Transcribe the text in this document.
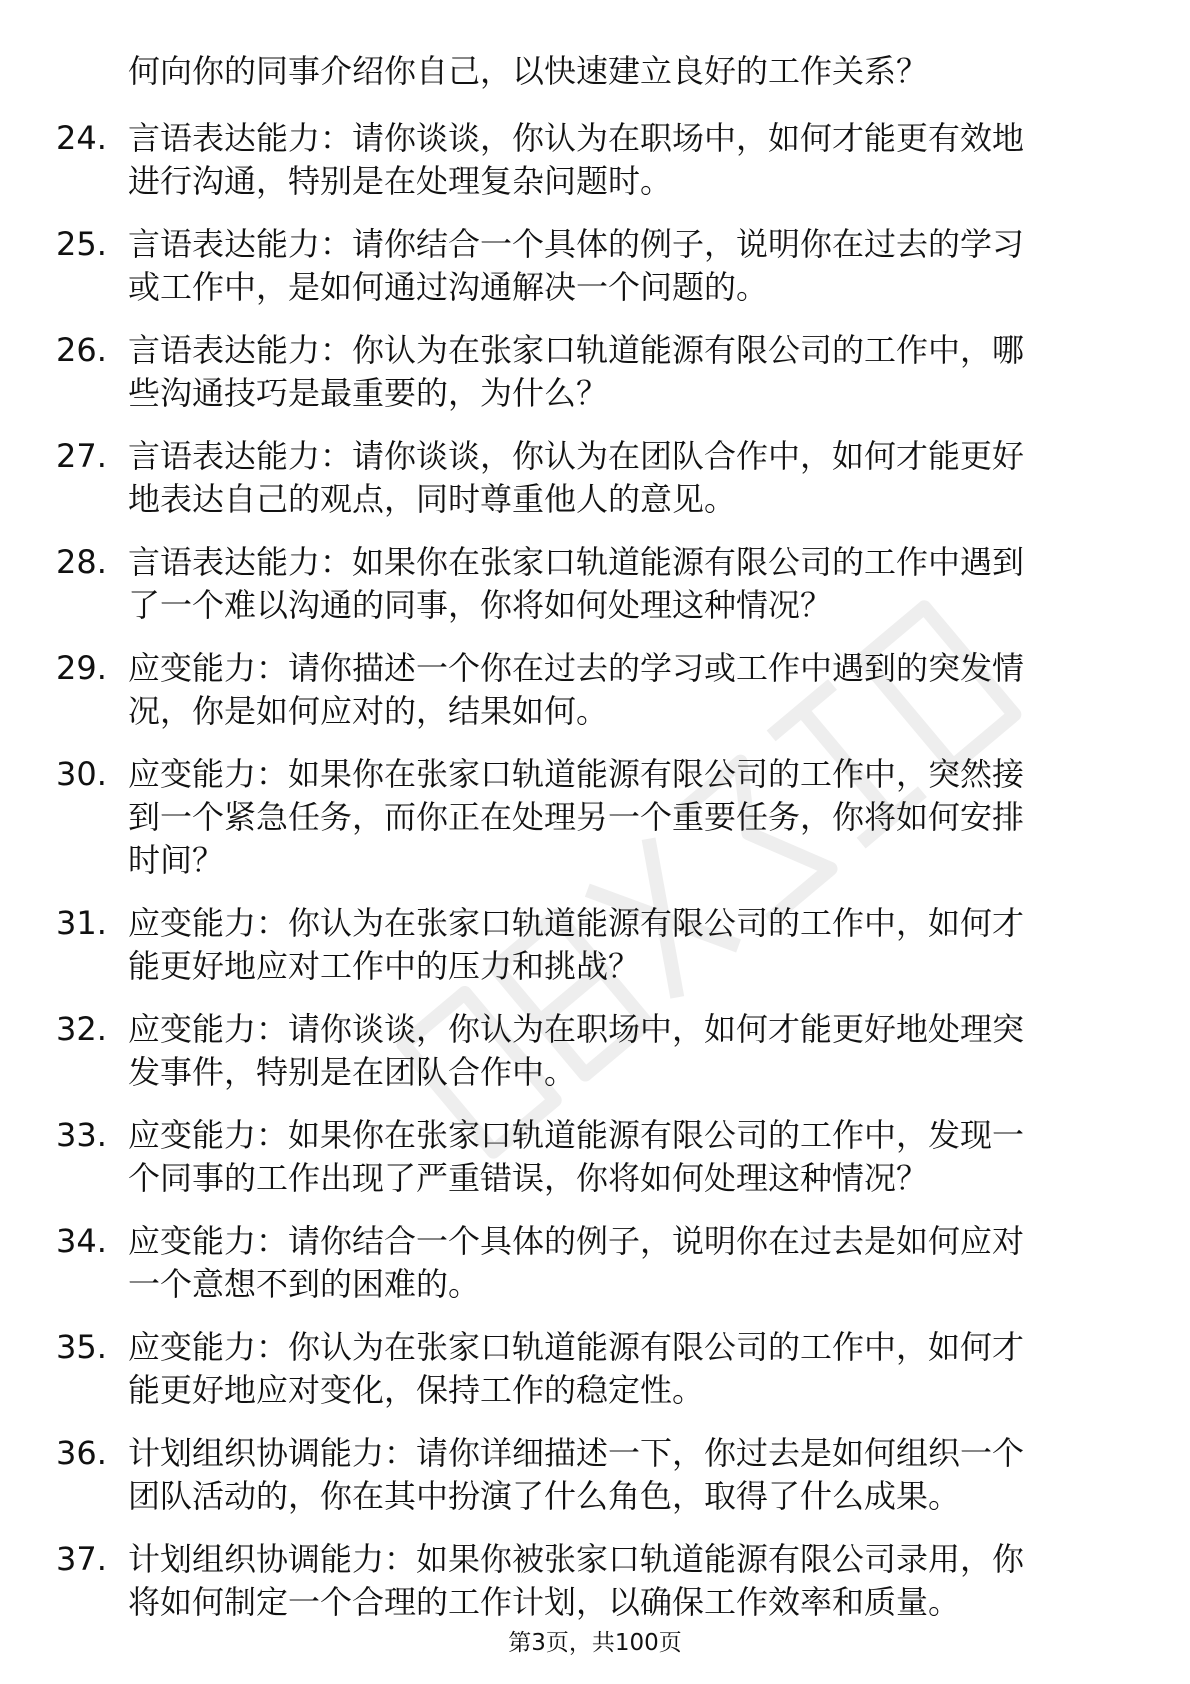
何向你的同事介绍你自己，以快速建立良好的工作关系？
24. 言语表达能力：请你谈谈，你认为在职场中，如何才能更有效地
进行沟通，特别是在处理复杂问题时。
25. 言语表达能力：请你结合一个具体的例子，说明你在过去的学习
或工作中，是如何通过沟通解决一个问题的。
26. 言语表达能力：你认为在张家口轨道能源有限公司的工作中，哪
些沟通技巧是最重要的，为什么？
27. 言语表达能力：请你谈谈，你认为在团队合作中，如何才能更好
地表达自己的观点，同时尊重他人的意见。
28. 言语表达能力：如果你在张家口轨道能源有限公司的工作中遇到
了一个难以沟通的同事，你将如何处理这种情况？
29. 应变能力：请你描述一个你在过去的学习或工作中遇到的突发情
况，你是如何应对的，结果如何。
30. 应变能力：如果你在张家口轨道能源有限公司的工作中，突然接
到一个紧急任务，而你正在处理另一个重要任务，你将如何安排
时间？
31. 应变能力：你认为在张家口轨道能源有限公司的工作中，如何才
能更好地应对工作中的压力和挑战？
32. 应变能力：请你谈谈，你认为在职场中，如何才能更好地处理突
发事件，特别是在团队合作中。
33. 应变能力：如果你在张家口轨道能源有限公司的工作中，发现一
个同事的工作出现了严重错误，你将如何处理这种情况？
34. 应变能力：请你结合一个具体的例子，说明你在过去是如何应对
一个意想不到的困难的。
35. 应变能力：你认为在张家口轨道能源有限公司的工作中，如何才
能更好地应对变化，保持工作的稳定性。
36. 计划组织协调能力：请你详细描述一下，你过去是如何组织一个
团队活动的，你在其中扮演了什么角色，取得了什么成果。
37. 计划组织协调能力：如果你被张家口轨道能源有限公司录用，你
将如何制定一个合理的工作计划，以确保工作效率和质量。
第3页，共100页
